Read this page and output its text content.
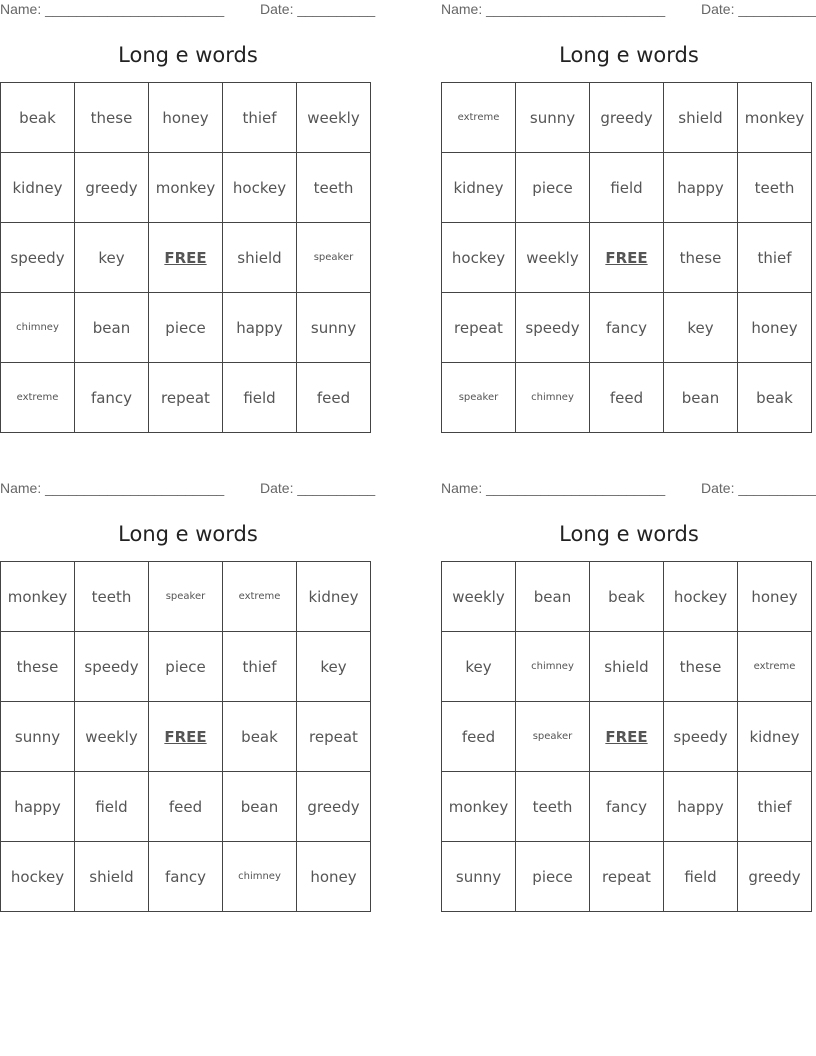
Name: _______________________	Date: __________
Long e words
beak	these	honey	thief	weekly
kidney	greedy	monkey	hockey	teeth
speedy	key	FREE	shield	speaker
chimney	bean	piece	happy	sunny
extreme	fancy	repeat	field	feed
Name: _______________________	Date: __________
Long e words
extreme	sunny	greedy	shield	monkey
kidney	piece	field	happy	teeth
hockey	weekly	FREE	these	thief
repeat	speedy	fancy	key	honey
speaker	chimney	feed	bean	beak
Name: _______________________	Date: __________
Long e words
monkey	teeth	speaker	extreme	kidney
these	speedy	piece	thief	key
sunny	weekly	FREE	beak	repeat
happy	field	feed	bean	greedy
hockey	shield	fancy	chimney	honey
Name: _______________________	Date: __________
Long e words
weekly	bean	beak	hockey	honey
key	chimney	shield	these	extreme
feed	speaker	FREE	speedy	kidney
monkey	teeth	fancy	happy	thief
sunny	piece	repeat	field	greedy
